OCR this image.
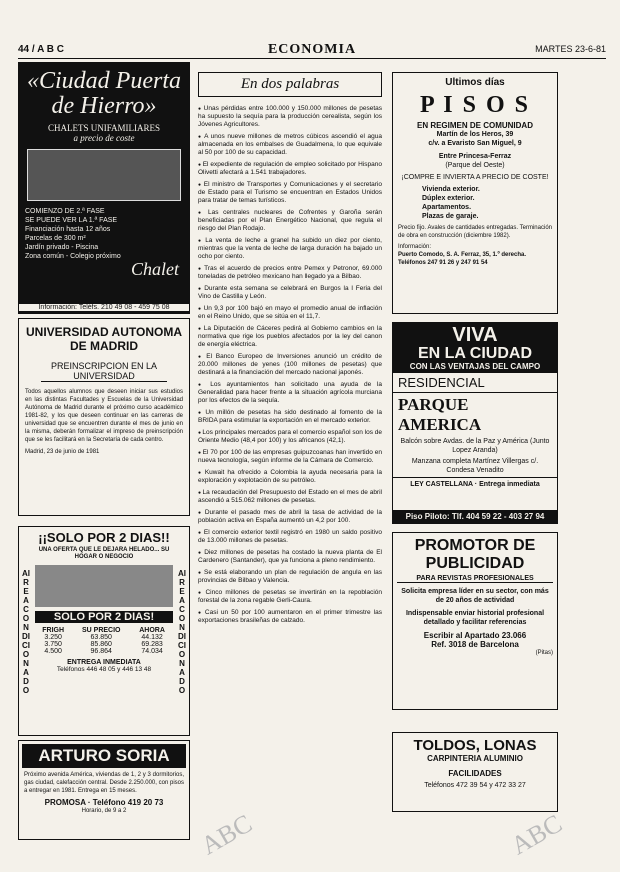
44 / A B C	ECONOMIA	MARTES 23-6-81
«Ciudad Puerta de Hierro»
CHALETS UNIFAMILIARES
a precio de coste
COMIENZO DE 2.ª FASE
SE PUEDE VER LA 1.ª FASE
Financiación hasta 12 años
Parcelas de 300 m²
Jardín privado - Piscina
Zona común - Colegio próximo
Chalet
Información: Teléfs. 210 49 08 - 459 75 08
UNIVERSIDAD AUTONOMA DE MADRID
PREINSCRIPCION EN LA UNIVERSIDAD
Todos aquellos alumnos que deseen iniciar sus estudios en las distintas Facultades y Escuelas de la Universidad Autónoma de Madrid durante el próximo curso académico 1981-82, y los que deseen continuar en las carreras de universidad que se encuentren durante el mes de junio en la misma, deberán formalizar el impreso de preinscripción que se les facilitará en la Secretaría de cada centro.
Madrid, 23 de junio de 1981
¡¡SOLO POR 2 DIAS!!
UNA OFERTA QUE LE DEJARA HELADO... SU HOGAR O NEGOCIO
AIRE ACONDICIONADO
AIRE ACONDICIONADO
SOLO POR 2 DIAS!
FRIGH	SU PRECIO	AHORA
3.250	63.850	44.132
3.750	85.860	69.283
4.500	96.864	74.034
ENTREGA INMEDIATA
Teléfonos 446 48 05 y 446 13 48
ARTURO SORIA
Próximo avenida América, viviendas de 1, 2 y 3 dormitorios, gas ciudad, calefacción central. Desde 2.250.000, con pisos a entregar en 1981. Entrega en 15 meses.
PROMOSA · Teléfono 419 20 73
Horario, de 9 a 2
En dos palabras

● Unas pérdidas entre 100.000 y 150.000 millones de pesetas ha supuesto la sequía para la producción cerealista, según los Jóvenes Agricultores.

● A unos nueve millones de metros cúbicos ascendió el agua almacenada en los embalses de Guadalmena, lo que equivale al 50 por 100 de su capacidad.

● El expediente de regulación de empleo solicitado por Hispano Olivetti afectará a 1.541 trabajadores.

● El ministro de Transportes y Comunicaciones y el secretario de Estado para el Turismo se encuentran en Estados Unidos para tratar de temas turísticos.

● Las centrales nucleares de Cofrentes y Garoña serán beneficiadas por el Plan Energético Nacional, que regula el riesgo del Plan Rodajo.

● La venta de leche a granel ha subido un diez por ciento, mientras que la venta de leche de larga duración ha bajado un ocho por ciento.

● Tras el acuerdo de precios entre Pemex y Petronor, 69.000 toneladas de petróleo mexicano han llegado ya a Bilbao.

● Durante esta semana se celebrará en Burgos la I Feria del Vino de Castilla y León.

● Un 9,3 por 100 bajó en mayo el promedio anual de inflación en el Reino Unido, que se sitúa en el 11,7.

● La Diputación de Cáceres pedirá al Gobierno cambios en la normativa que rige los pueblos afectados por la ley del canon de energía eléctrica.

● El Banco Europeo de Inversiones anunció un crédito de 20.000 millones de yenes (100 millones de pesetas) que destinará a la financiación del mercado nacional japonés.

● Los ayuntamientos han solicitado una ayuda de la Generalidad para hacer frente a la situación agrícola murciana por los efectos de la sequía.

● Un millón de pesetas ha sido destinado al fomento de la BRIDA para estimular la exportación en el mercado exterior.

● Los principales mercados para el comercio español son los de Oriente Medio (48,4 por 100) y los africanos (42,1).

● El 70 por 100 de las empresas guipuzcoanas han invertido en nueva tecnología, según informe de la Cámara de Comercio.

● Kuwait ha ofrecido a Colombia la ayuda necesaria para la exploración y explotación de su petróleo.

● La recaudación del Presupuesto del Estado en el mes de abril ascendió a 515.062 millones de pesetas.

● Durante el pasado mes de abril la tasa de actividad de la población activa en España aumentó un 4,2 por 100.

● El comercio exterior textil registró en 1980 un saldo positivo de 13.000 millones de pesetas.

● Diez millones de pesetas ha costado la nueva planta de El Cardenero (Santander), que ya funciona a pleno rendimiento.

● Se está elaborando un plan de regulación de angula en las provincias de Bilbao y Valencia.

● Cinco millones de pesetas se invertirán en la repoblación forestal de la zona regable Gerli-Caura.

● Casi un 50 por 100 aumentaron en el primer trimestre las exportaciones brasileñas de calzado.

Ultimos días
P I S O S
EN REGIMEN DE COMUNIDAD
Martín de los Heros, 39
c/v. a Evaristo San Miguel, 9
Entre Princesa-Ferraz
(Parque del Oeste)
¡COMPRE E INVIERTA A PRECIO DE COSTE!
Vivienda exterior.
Dúplex exterior.
Apartamentos.
Plazas de garaje.
Precio fijo. Avales de cantidades entregadas. Terminación de obra en construcción (diciembre 1982).
Información:
Puerto Comodo, S. A. Ferraz, 35, 1.º derecha. Teléfonos 247 91 26 y 247 91 54
VIVA
EN LA CIUDAD
CON LAS VENTAJAS DEL CAMPO
RESIDENCIAL
PARQUE AMERICA
Balcón sobre Avdas. de la Paz y América (Junto Lopez Aranda)
Manzana completa Martínez Villergas c/. Condesa Venadito
LEY CASTELLANA · Entrega inmediata
Piso Piloto: Tlf. 404 59 22 - 403 27 94
PROMOTOR DE PUBLICIDAD
PARA REVISTAS PROFESIONALES
Solicita empresa líder en su sector, con más de 20 años de actividad
Indispensable enviar historial profesional detallado y facilitar referencias
Escribir al Apartado 23.066
Ref. 3018 de Barcelona
(Pitas)
TOLDOS, LONAS
CARPINTERIA ALUMINIO
FACILIDADES
Teléfonos 472 39 54 y 472 33 27
ABC	ABC
